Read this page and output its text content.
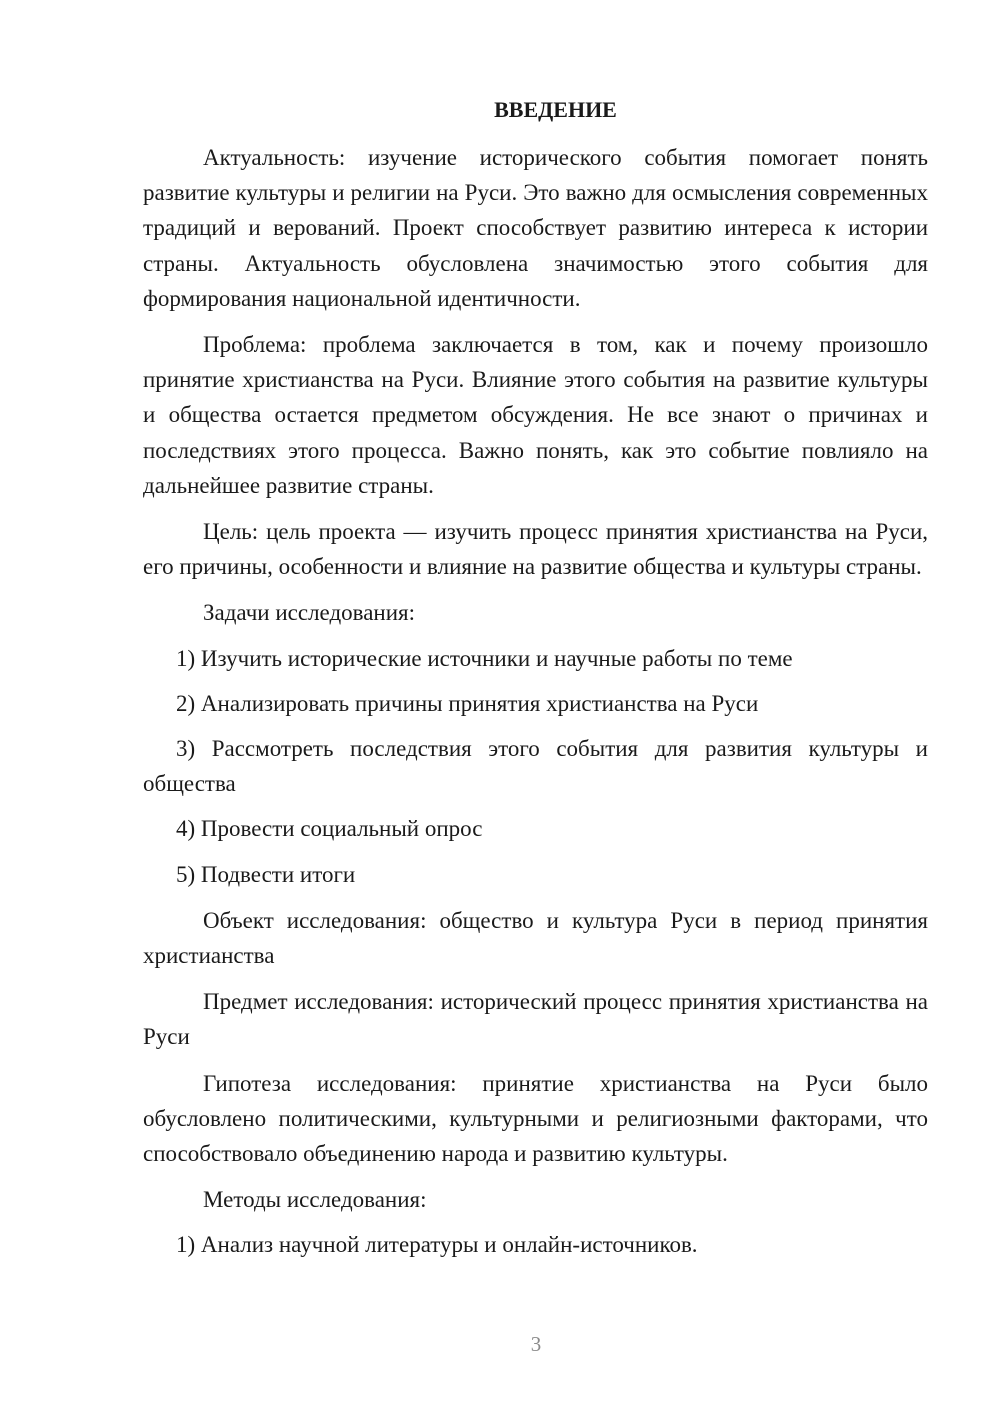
ВВЕДЕНИЕ

Актуальность: изучение исторического события помогает понять развитие культуры и религии на Руси. Это важно для осмысления современных традиций и верований. Проект способствует развитию интереса к истории страны. Актуальность обусловлена значимостью этого события для формирования национальной идентичности.

Проблема: проблема заключается в том, как и почему произошло принятие христианства на Руси. Влияние этого события на развитие культуры и общества остается предметом обсуждения. Не все знают о причинах и последствиях этого процесса. Важно понять, как это событие повлияло на дальнейшее развитие страны.

Цель: цель проекта — изучить процесс принятия христианства на Руси, его причины, особенности и влияние на развитие общества и культуры страны.

Задачи исследования:

1) Изучить исторические источники и научные работы по теме

2) Анализировать причины принятия христианства на Руси

3) Рассмотреть последствия этого события для развития культуры и общества

4) Провести социальный опрос

5) Подвести итоги

Объект исследования: общество и культура Руси в период принятия христианства

Предмет исследования: исторический процесс принятия христианства на Руси

Гипотеза исследования: принятие христианства на Руси было обусловлено политическими, культурными и религиозными факторами, что способствовало объединению народа и развитию культуры.

Методы исследования:

1) Анализ научной литературы и онлайн-источников.

3
